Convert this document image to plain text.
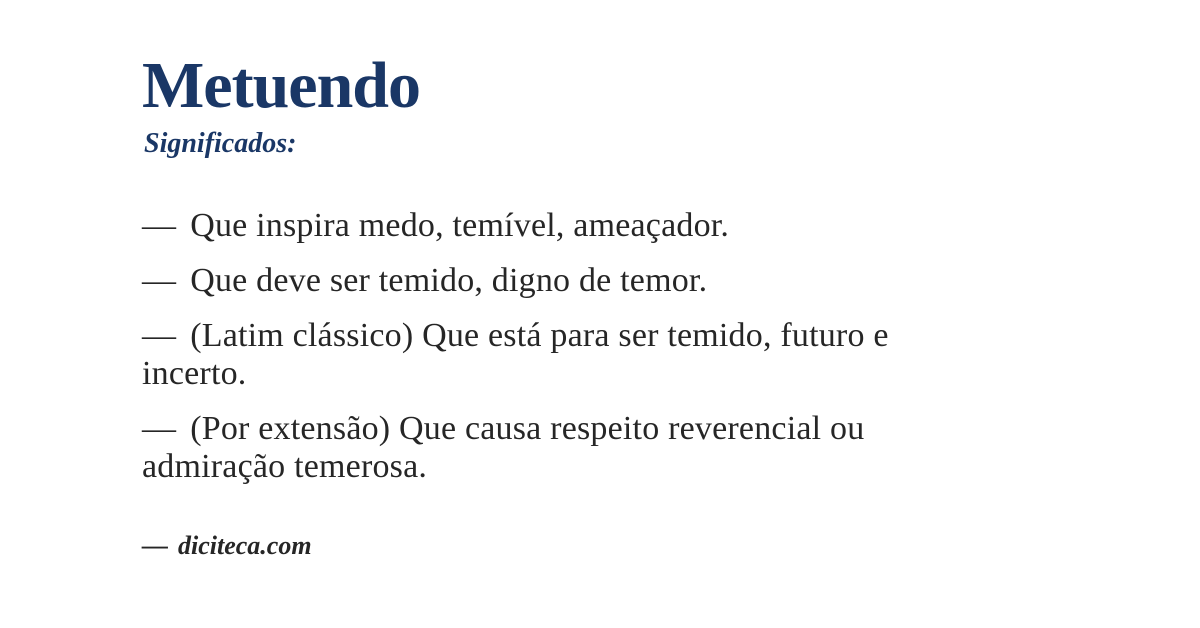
Metuendo
Significados:

— Que inspira medo, temível, ameaçador.

— Que deve ser temido, digno de temor.

— (Latim clássico) Que está para ser temido, futuro e incerto.

— (Por extensão) Que causa respeito reverencial ou admiração temerosa.

— diciteca.com
